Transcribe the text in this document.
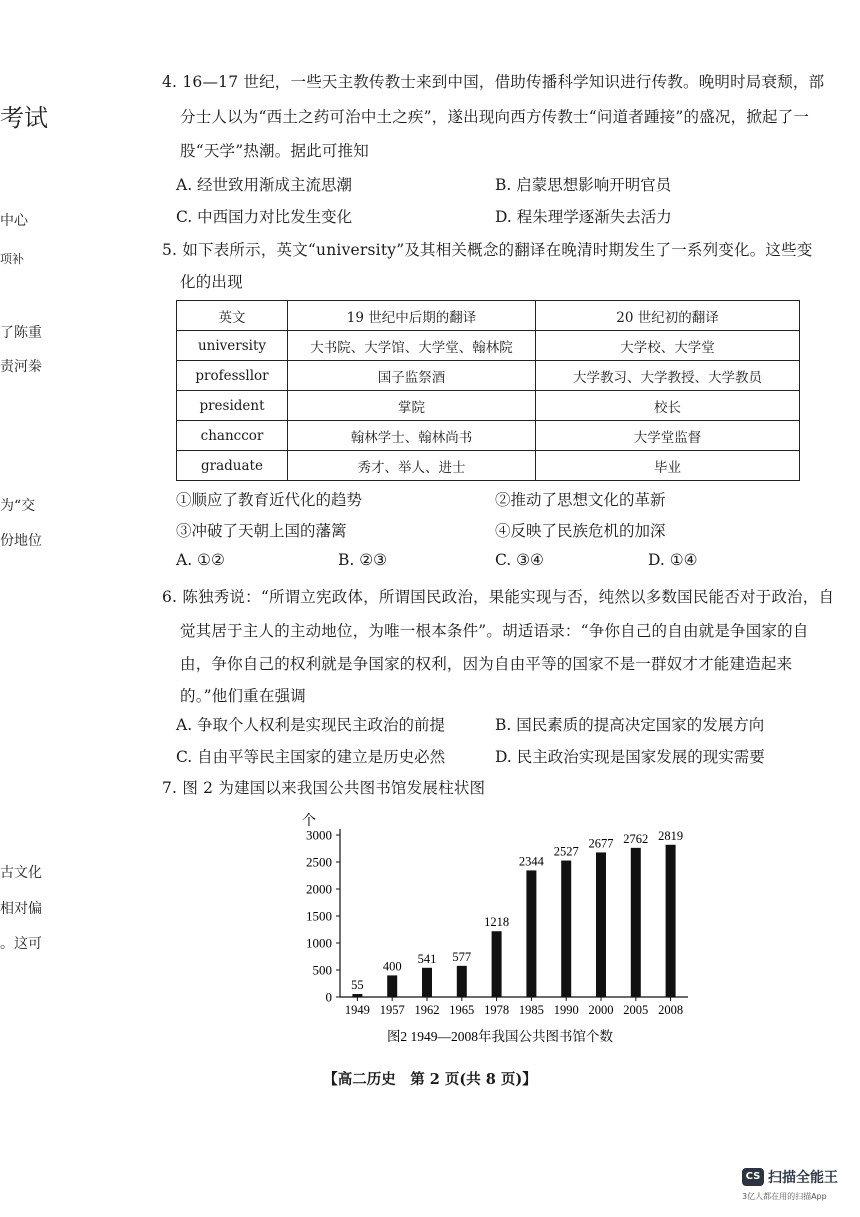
考试
中心
项补
了陈重
责河桊
为“交
份地位
古文化
相对偏
。这可
4. 16—17 世纪，一些天主教传教士来到中国，借助传播科学知识进行传教。晚明时局衰颓，部
分士人以为“西土之药可治中土之疾”，遂出现向西方传教士“问道者踵接”的盛况，掀起了一
股“天学”热潮。据此可推知
A. 经世致用渐成主流思潮	B. 启蒙思想影响开明官员
C. 中西国力对比发生变化	D. 程朱理学逐渐失去活力
5. 如下表所示，英文“university”及其相关概念的翻译在晚清时期发生了一系列变化。这些变
化的出现
英文	19 世纪中后期的翻译	20 世纪初的翻译
university	大书院、大学馆、大学堂、翰林院	大学校、大学堂
professllor	国子监祭酒	大学教习、大学教授、大学教员
president	掌院	校长
chanccor	翰林学士、翰林尚书	大学堂监督
graduate	秀才、举人、进士	毕业
①顺应了教育近代化的趋势	②推动了思想文化的革新
③冲破了天朝上国的藩篱	④反映了民族危机的加深
A. ①②	B. ②③	C. ③④	D. ①④
6. 陈独秀说：“所谓立宪政体，所谓国民政治，果能实现与否，纯然以多数国民能否对于政治，自
觉其居于主人的主动地位，为唯一根本条件”。胡适语录：“争你自己的自由就是争国家的自
由，争你自己的权利就是争国家的权利，因为自由平等的国家不是一群奴才才能建造起来
的。”他们重在强调
A. 争取个人权利是实现民主政治的前提	B. 国民素质的提高决定国家的发展方向
C. 自由平等民主国家的建立是历史必然	D. 民主政治实现是国家发展的现实需要
7. 图 2 为建国以来我国公共图书馆发展柱状图
个
0
500
1000
1500
2000
2500
3000
1949 1957 1962 1965 1978 1985 1990 2000 2005 2008
55
400
541 577
1218
2344
2527
2677 2762 2819
图2 1949—2008年我国公共图书馆个数
【高二历史　第 2 页(共 8 页)】
CS 扫描全能王
3亿人都在用的扫描App
